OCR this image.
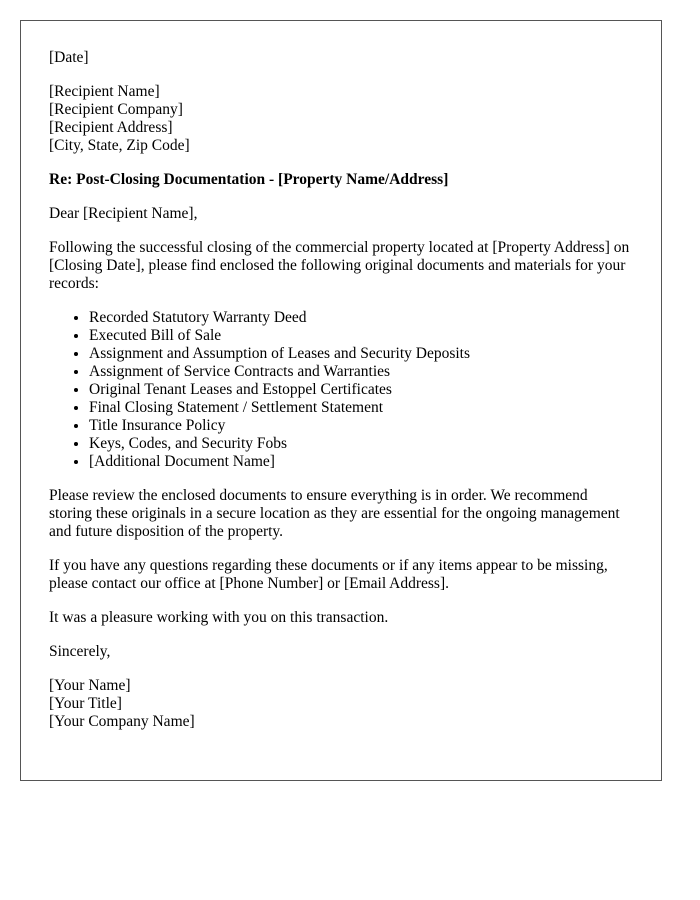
[Date]
[Recipient Name]
[Recipient Company]
[Recipient Address]
[City, State, Zip Code]

Re: Post-Closing Documentation - [Property Name/Address]

Dear [Recipient Name],

Following the successful closing of the commercial property located at [Property Address] on [Closing Date], please find enclosed the following original documents and materials for your records:

• Recorded Statutory Warranty Deed
• Executed Bill of Sale
• Assignment and Assumption of Leases and Security Deposits
• Assignment of Service Contracts and Warranties
• Original Tenant Leases and Estoppel Certificates
• Final Closing Statement / Settlement Statement
• Title Insurance Policy
• Keys, Codes, and Security Fobs
• [Additional Document Name]

Please review the enclosed documents to ensure everything is in order. We recommend storing these originals in a secure location as they are essential for the ongoing management and future disposition of the property.

If you have any questions regarding these documents or if any items appear to be missing, please contact our office at [Phone Number] or [Email Address].

It was a pleasure working with you on this transaction.

Sincerely,

[Your Name]
[Your Title]
[Your Company Name]
